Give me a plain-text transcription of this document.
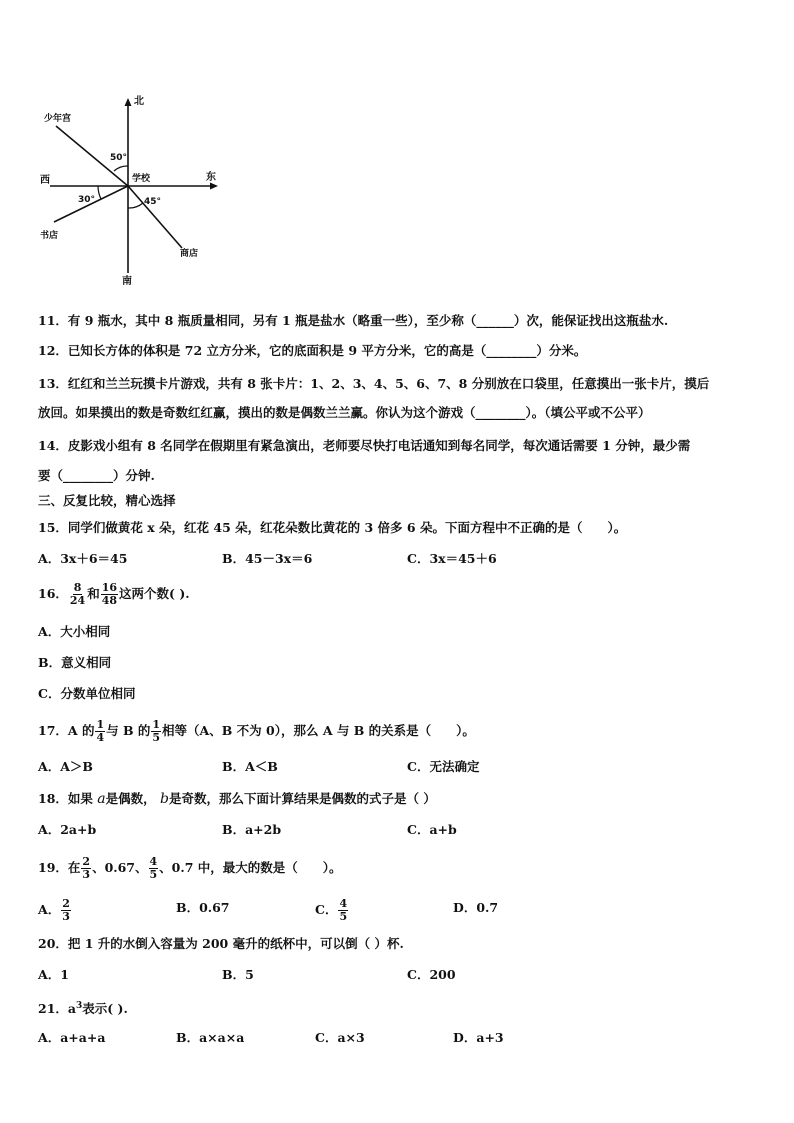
北
南
东
西	学校
少年宫
书店
商店
50°
30°	45°
11．有 9 瓶水，其中 8 瓶质量相同，另有 1 瓶是盐水（略重一些），至少称（______）次，能保证找出这瓶盐水.
12．已知长方体的体积是 72 立方分米，它的底面积是 9 平方分米，它的高是（________）分米。
13．红红和兰兰玩摸卡片游戏，共有 8 张卡片：1、2、3、4、5、6、7、8 分别放在口袋里，任意摸出一张卡片，摸后
放回。如果摸出的数是奇数红红赢，摸出的数是偶数兰兰赢。你认为这个游戏（________）。（填公平或不公平）
14．皮影戏小组有 8 名同学在假期里有紧急演出，老师要尽快打电话通知到每名同学，每次通话需要 1 分钟，最少需
要（________）分钟.
三、反复比较，精心选择
15．同学们做黄花 x 朵，红花 45 朵，红花朵数比黄花的 3 倍多 6 朵。下面方程中不正确的是（　　）。
A．3x＋6＝45	B．45－3x＝6	C．3x＝45＋6
16． $\frac{8}{24}$ 和 $\frac{16}{48}$ 这两个数( ).
A．大小相同
B．意义相同
C．分数单位相同
17．A 的 $\frac{1}{4}$ 与 B 的 $\frac{1}{5}$ 相等（A、B 不为 0），那么 A 与 B 的关系是（　　）。
A．A＞B	B．A＜B	C．无法确定
18．如果 a是偶数， b是奇数，那么下面计算结果是偶数的式子是（ ）
A．2a+b	B．a+2b	C．a+b
19．在 $\frac{2}{3}$ 、0.67、 $\frac{4}{5}$ 、0.7 中，最大的数是（　　）。
A． $\frac{2}{3}$	B．0.67	C． $\frac{4}{5}$	D．0.7
20．把 1 升的水倒入容量为 200 毫升的纸杯中，可以倒（ ）杯.
A．1	B．5	C．200
21．$a^3$表示( ).
A．a+a+a	B．a×a×a	C．a×3	D．a+3
